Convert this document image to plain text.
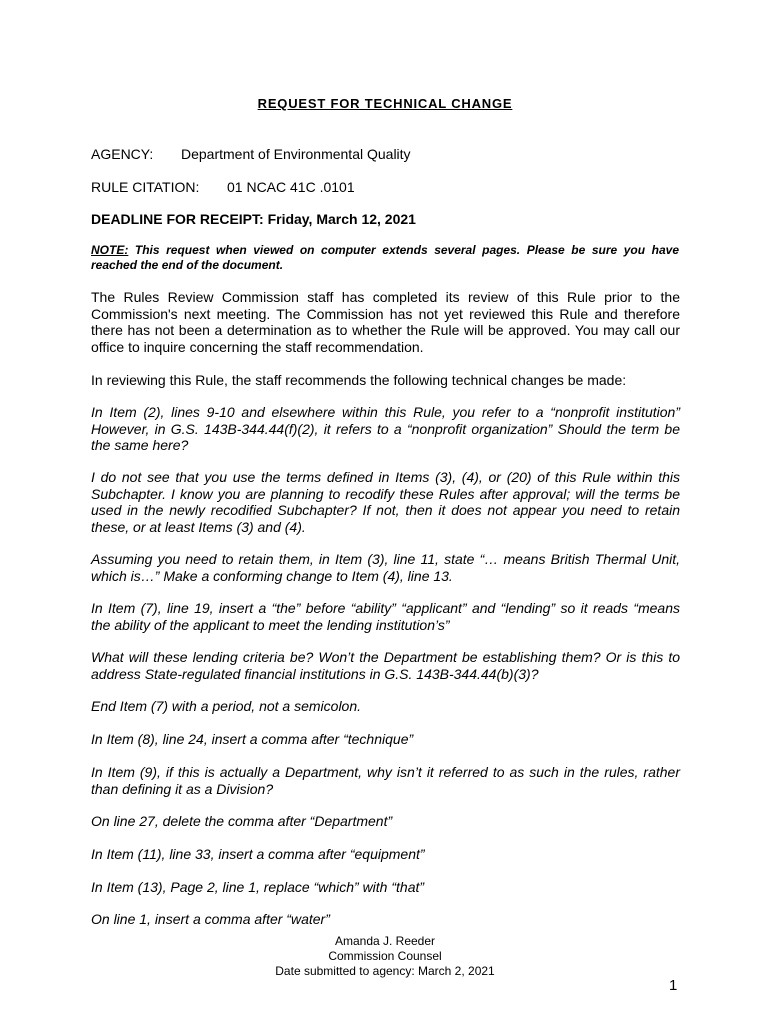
REQUEST FOR TECHNICAL CHANGE
AGENCY: Department of Environmental Quality
RULE CITATION: 01 NCAC 41C .0101
DEADLINE FOR RECEIPT: Friday, March 12, 2021
NOTE: This request when viewed on computer extends several pages. Please be sure you have reached the end of the document.
The Rules Review Commission staff has completed its review of this Rule prior to the Commission's next meeting. The Commission has not yet reviewed this Rule and therefore there has not been a determination as to whether the Rule will be approved. You may call our office to inquire concerning the staff recommendation.
In reviewing this Rule, the staff recommends the following technical changes be made:
In Item (2), lines 9-10 and elsewhere within this Rule, you refer to a “nonprofit institution” However, in G.S. 143B-344.44(f)(2), it refers to a “nonprofit organization” Should the term be the same here?
I do not see that you use the terms defined in Items (3), (4), or (20) of this Rule within this Subchapter. I know you are planning to recodify these Rules after approval; will the terms be used in the newly recodified Subchapter? If not, then it does not appear you need to retain these, or at least Items (3) and (4).
Assuming you need to retain them, in Item (3), line 11, state “… means British Thermal Unit, which is…” Make a conforming change to Item (4), line 13.
In Item (7), line 19, insert a “the” before “ability” “applicant” and “lending” so it reads “means the ability of the applicant to meet the lending institution’s”
What will these lending criteria be? Won’t the Department be establishing them? Or is this to address State-regulated financial institutions in G.S. 143B-344.44(b)(3)?
End Item (7) with a period, not a semicolon.
In Item (8), line 24, insert a comma after “technique”
In Item (9), if this is actually a Department, why isn’t it referred to as such in the rules, rather than defining it as a Division?
On line 27, delete the comma after “Department”
In Item (11), line 33, insert a comma after “equipment”
In Item (13), Page 2, line 1, replace “which” with “that”
On line 1, insert a comma after “water”
Amanda J. Reeder
Commission Counsel
Date submitted to agency: March 2, 2021
1
